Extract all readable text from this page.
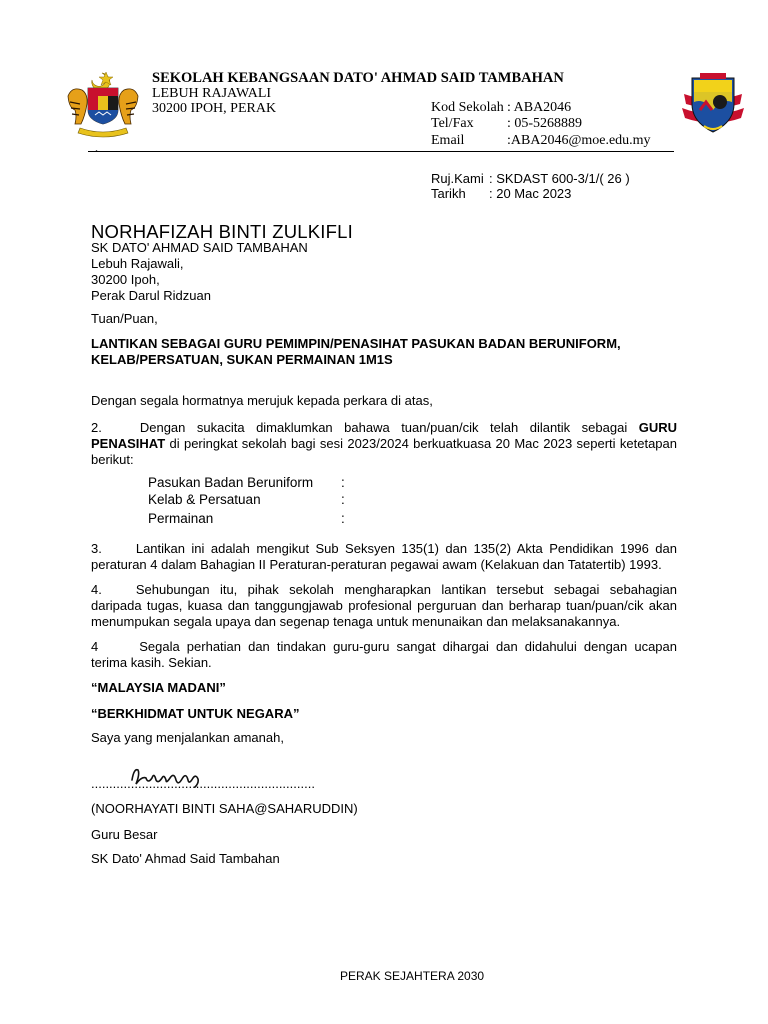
SEKOLAH KEBANGSAAN DATO' AHMAD SAID TAMBAHAN
LEBUH RAJAWALI
30200 IPOH, PERAK	Kod Sekolah : ABA2046
Tel/Fax : 05-5268889
Email	:ABA2046@moe.edu.my
`
Ruj.Kami : SKDAST 600-3/1/( 26 )
Tarikh : 20 Mac 2023
NORHAFIZAH BINTI ZULKIFLI
SK DATO' AHMAD SAID TAMBAHAN
Lebuh Rajawali,
30200 Ipoh,
Perak Darul Ridzuan
Tuan/Puan,
LANTIKAN SEBAGAI GURU PEMIMPIN/PENASIHAT PASUKAN BADAN BERUNIFORM,
KELAB/PERSATUAN, SUKAN PERMAINAN 1M1S
Dengan segala hormatnya merujuk kepada perkara di atas,
2.	Dengan sukacita dimaklumkan bahawa tuan/puan/cik telah dilantik sebagai GURU PENASIHAT di peringkat sekolah bagi sesi 2023/2024 berkuatkuasa 20 Mac 2023 seperti ketetapan berikut:
Pasukan Badan Beruniform :
Kelab & Persatuan	:
Permainan	:
3.	Lantikan ini adalah mengikut Sub Seksyen 135(1) dan 135(2) Akta Pendidikan 1996 dan peraturan 4 dalam Bahagian II Peraturan-peraturan pegawai awam (Kelakuan dan Tatatertib) 1993.
4.	Sehubungan itu, pihak sekolah mengharapkan lantikan tersebut sebagai sebahagian daripada tugas, kuasa dan tanggungjawab profesional perguruan dan berharap tuan/puan/cik akan menumpukan segala upaya dan segenap tenaga untuk menunaikan dan melaksanakannya.
4	Segala perhatian dan tindakan guru-guru sangat dihargai dan didahului dengan ucapan terima kasih. Sekian.
“MALAYSIA MADANI”
“BERKHIDMAT UNTUK NEGARA”
Saya yang menjalankan amanah,
..............................................................
(NOORHAYATI BINTI SAHA@SAHARUDDIN)
Guru Besar
SK Dato' Ahmad Said Tambahan
PERAK SEJAHTERA 2030
